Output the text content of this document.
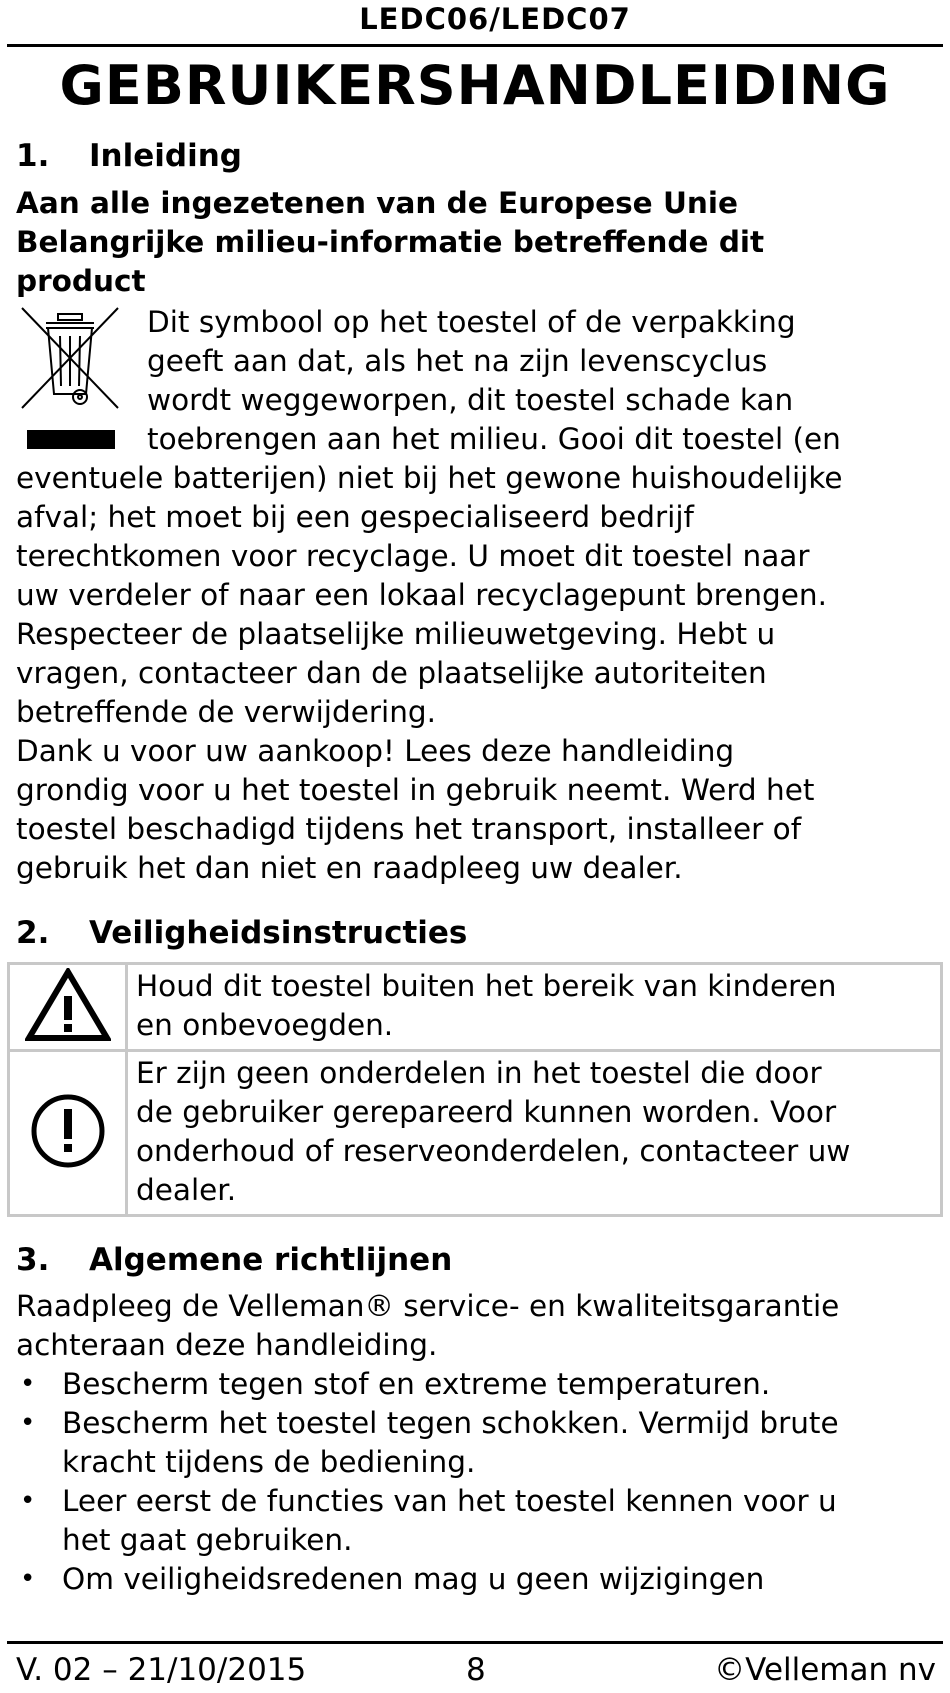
LEDC06/LEDC07
GEBRUIKERSHANDLEIDING
1. Inleiding

Aan alle ingezetenen van de Europese Unie

Belangrijke milieu-informatie betreffende dit

product

Dit symbool op het toestel of de verpakking

geeft aan dat, als het na zijn levenscyclus

wordt weggeworpen, dit toestel schade kan

toebrengen aan het milieu. Gooi dit toestel (en

eventuele batterijen) niet bij het gewone huishoudelijke

afval; het moet bij een gespecialiseerd bedrijf

terechtkomen voor recyclage. U moet dit toestel naar

uw verdeler of naar een lokaal recyclagepunt brengen.

Respecteer de plaatselijke milieuwetgeving. Hebt u

vragen, contacteer dan de plaatselijke autoriteiten

betreffende de verwijdering.

Dank u voor uw aankoop! Lees deze handleiding

grondig voor u het toestel in gebruik neemt. Werd het

toestel beschadigd tijdens het transport, installeer of

gebruik het dan niet en raadpleeg uw dealer.

2. Veiligheidsinstructies

Houd dit toestel buiten het bereik van kinderen
en onbevoegden.

Er zijn geen onderdelen in het toestel die door
de gebruiker gerepareerd kunnen worden. Voor
onderhoud of reserveonderdelen, contacteer uw
dealer.
3. Algemene richtlijnen

Raadpleeg de Velleman® service- en kwaliteitsgarantie

achteraan deze handleiding.

• Bescherm tegen stof en extreme temperaturen.
• Bescherm het toestel tegen schokken. Vermijd brute
kracht tijdens de bediening.
• Leer eerst de functies van het toestel kennen voor u
het gaat gebruiken.
• Om veiligheidsredenen mag u geen wijzigingen
V. 02 – 21/10/2015	8	©Velleman nv
